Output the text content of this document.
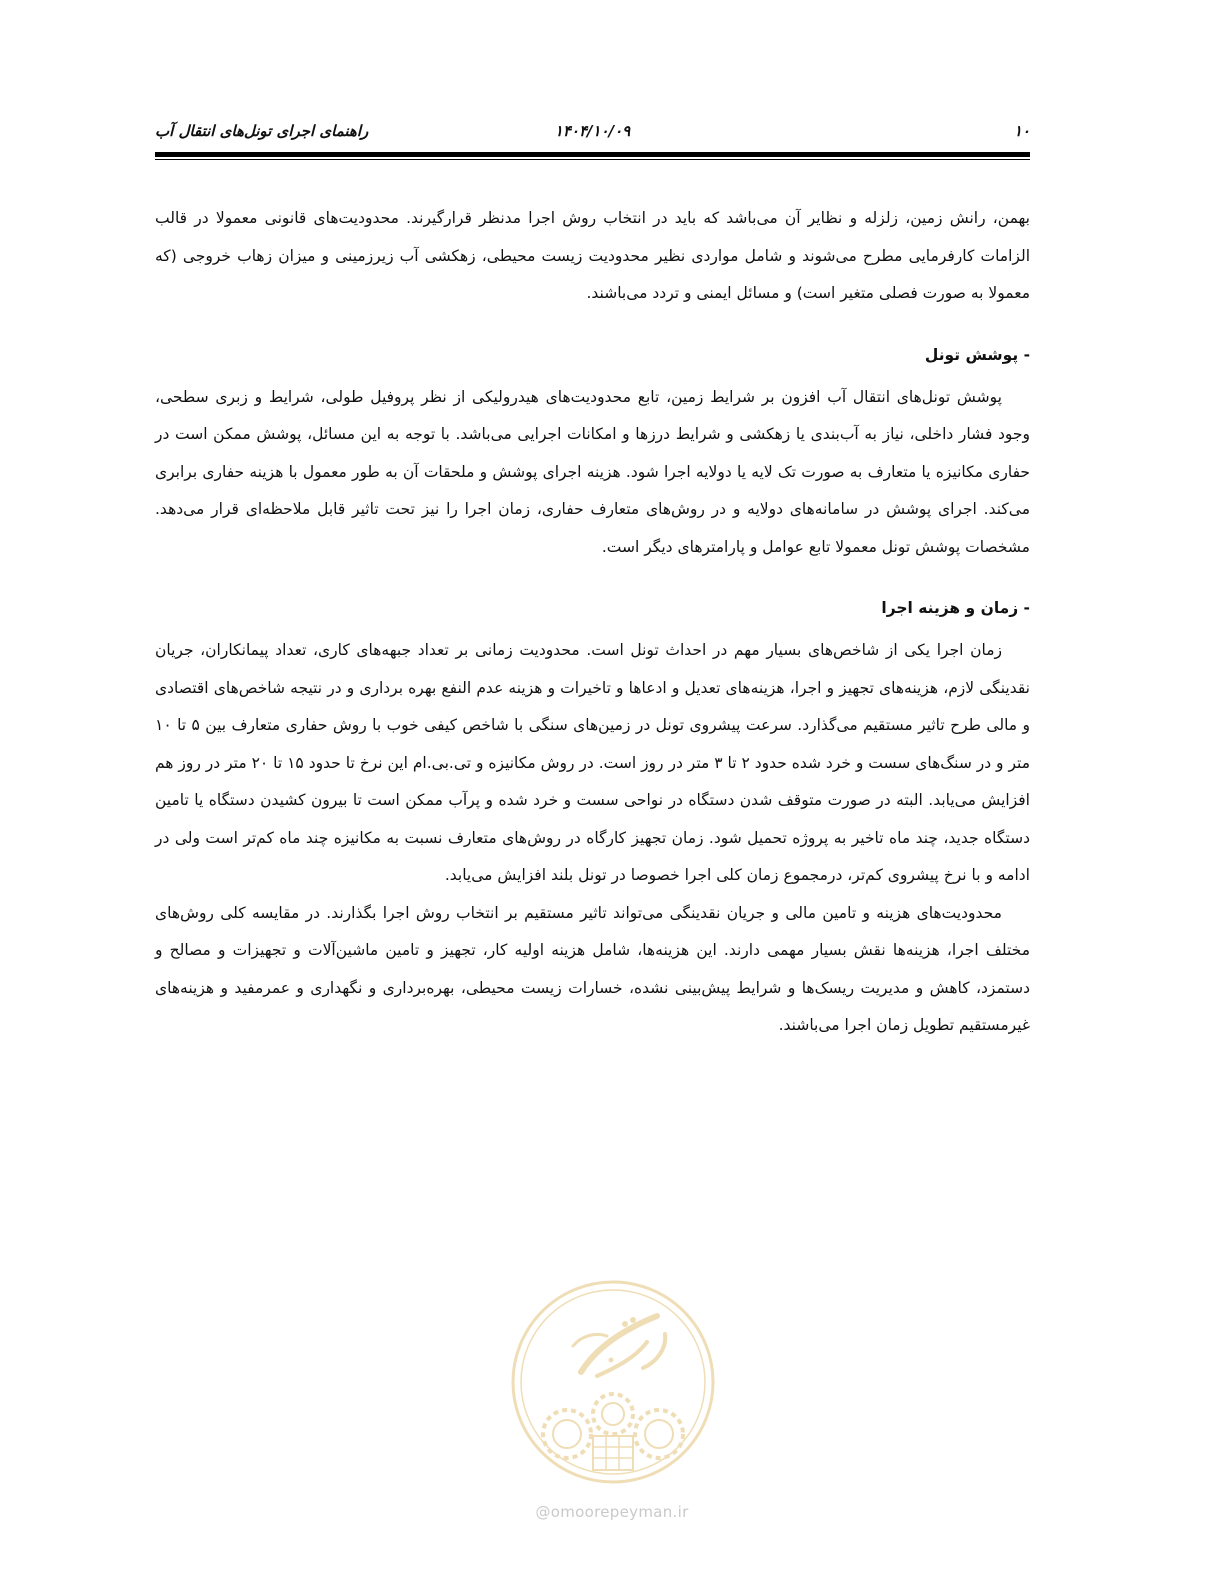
۱۰
۱۴۰۴/۱۰/۰۹
راهنمای اجرای تونل‌های انتقال آب

بهمن، رانش زمین، زلزله و نظایر آن می‌باشد که باید در انتخاب روش اجرا مدنظر قرارگیرند. محدودیت‌های قانونی معمولا در قالب الزامات کارفرمایی مطرح می‌شوند و شامل مواردی نظیر محدودیت زیست محیطی، زهکشی آب زیرزمینی و میزان زهاب خروجی (که معمولا به صورت فصلی متغیر است) و مسائل ایمنی و تردد می‌باشند.

- پوشش تونل

پوشش تونل‌های انتقال آب افزون بر شرایط زمین، تابع محدودیت‌های هیدرولیکی از نظر پروفیل طولی، شرایط و زبری سطحی، وجود فشار داخلی، نیاز به آب‌بندی یا زهکشی و شرایط درزها و امکانات اجرایی می‌باشد. با توجه به این مسائل، پوشش ممکن است در حفاری مکانیزه یا متعارف به صورت تک لایه یا دولایه اجرا شود. هزینه اجرای پوشش و ملحقات آن به طور معمول با هزینه حفاری برابری می‌کند. اجرای پوشش در سامانه‌های دولایه و در روش‌های متعارف حفاری، زمان اجرا را نیز تحت تاثیر قابل ملاحظه‌ای قرار می‌دهد. مشخصات پوشش تونل معمولا تابع عوامل و پارامترهای دیگر است.

- زمان و هزینه اجرا

زمان اجرا یکی از شاخص‌های بسیار مهم در احداث تونل است. محدودیت زمانی بر تعداد جبهه‌های کاری، تعداد پیمانکاران، جریان نقدینگی لازم، هزینه‌های تجهیز و اجرا، هزینه‌های تعدیل و ادعاها و تاخیرات و هزینه عدم النفع بهره برداری و در نتیجه شاخص‌های اقتصادی و مالی طرح تاثیر مستقیم می‌گذارد. سرعت پیشروی تونل در زمین‌های سنگی با شاخص کیفی خوب با روش حفاری متعارف بین ۵ تا ۱۰ متر و در سنگ‌های سست و خرد شده حدود ۲ تا ۳ متر در روز است. در روش مکانیزه و تی.بی.ام این نرخ تا حدود ۱۵ تا ۲۰ متر در روز هم افزایش می‌یابد. البته در صورت متوقف شدن دستگاه در نواحی سست و خرد شده و پرآب ممکن است تا بیرون کشیدن دستگاه یا تامین دستگاه جدید، چند ماه تاخیر به پروژه تحمیل شود. زمان تجهیز کارگاه در روش‌های متعارف نسبت به مکانیزه چند ماه کم‌تر است ولی در ادامه و با نرخ پیشروی کم‌تر، درمجموع زمان کلی اجرا خصوصا در تونل بلند افزایش می‌یابد.

محدودیت‌های هزینه و تامین مالی و جریان نقدینگی می‌تواند تاثیر مستقیم بر انتخاب روش اجرا بگذارند. در مقایسه کلی روش‌های مختلف اجرا، هزینه‌ها نقش بسیار مهمی دارند. این هزینه‌ها، شامل هزینه اولیه کار، تجهیز و تامین ماشین‌آلات و تجهیزات و مصالح و دستمزد، کاهش و مدیریت ریسک‌ها و شرایط پیش‌بینی نشده، خسارات زیست محیطی، بهره‌برداری و نگهداری و عمرمفید و هزینه‌های غیرمستقیم تطویل زمان اجرا می‌باشند.

@omoorepeyman.ir
